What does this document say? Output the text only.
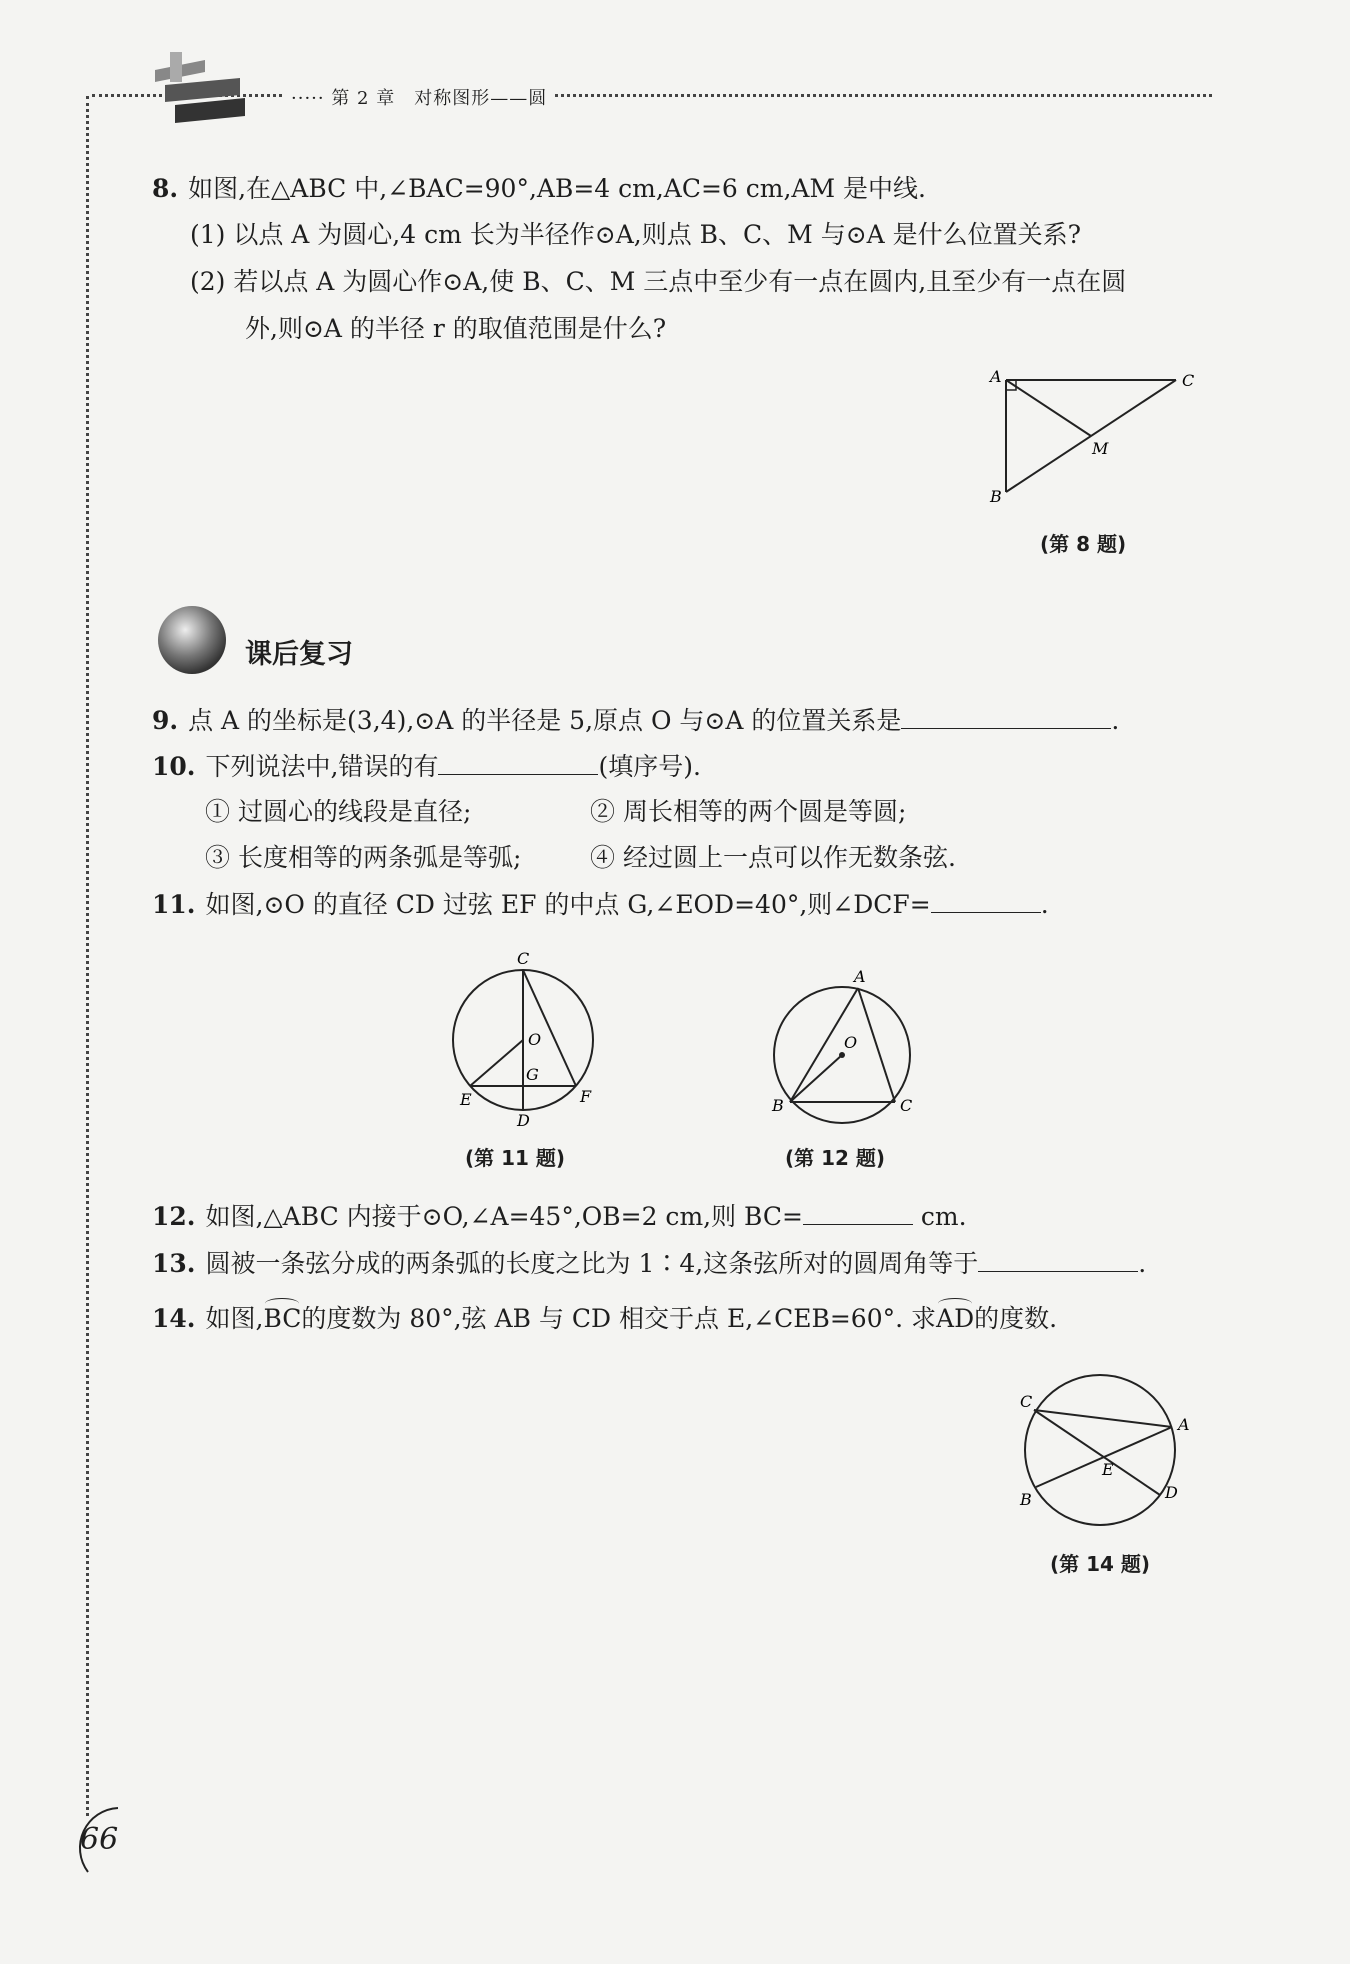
····· 第 2 章　对称图形——圆
8. 如图,在△ABC 中,∠BAC=90°,AB=4 cm,AC=6 cm,AM 是中线.
(1) 以点 A 为圆心,4 cm 长为半径作⊙A,则点 B、C、M 与⊙A 是什么位置关系?
(2) 若以点 A 为圆心作⊙A,使 B、C、M 三点中至少有一点在圆内,且至少有一点在圆
外,则⊙A 的半径 r 的取值范围是什么?
A
B
C
M
(第 8 题)
课后复习
9. 点 A 的坐标是(3,4),⊙A 的半径是 5,原点 O 与⊙A 的位置关系是	.
10. 下列说法中,错误的有	(填序号).
① 过圆心的线段是直径;	② 周长相等的两个圆是等圆;
③ 长度相等的两条弧是等弧;	④ 经过圆上一点可以作无数条弦.
11. 如图,⊙O 的直径 CD 过弦 EF 的中点 G,∠EOD=40°,则∠DCF=	.
C
O
G
E	F
D
(第 11 题)
A
O
B	C
(第 12 题)
12. 如图,△ABC 内接于⊙O,∠A=45°,OB=2 cm,则 BC=	cm.
13. 圆被一条弦分成的两条弧的长度之比为 1∶4,这条弦所对的圆周角等于	.
14. 如图,BC的度数为 80°,弦 AB 与 CD 相交于点 E,∠CEB=60°. 求AD的度数.
C
A
E
B	D
(第 14 题)
66
